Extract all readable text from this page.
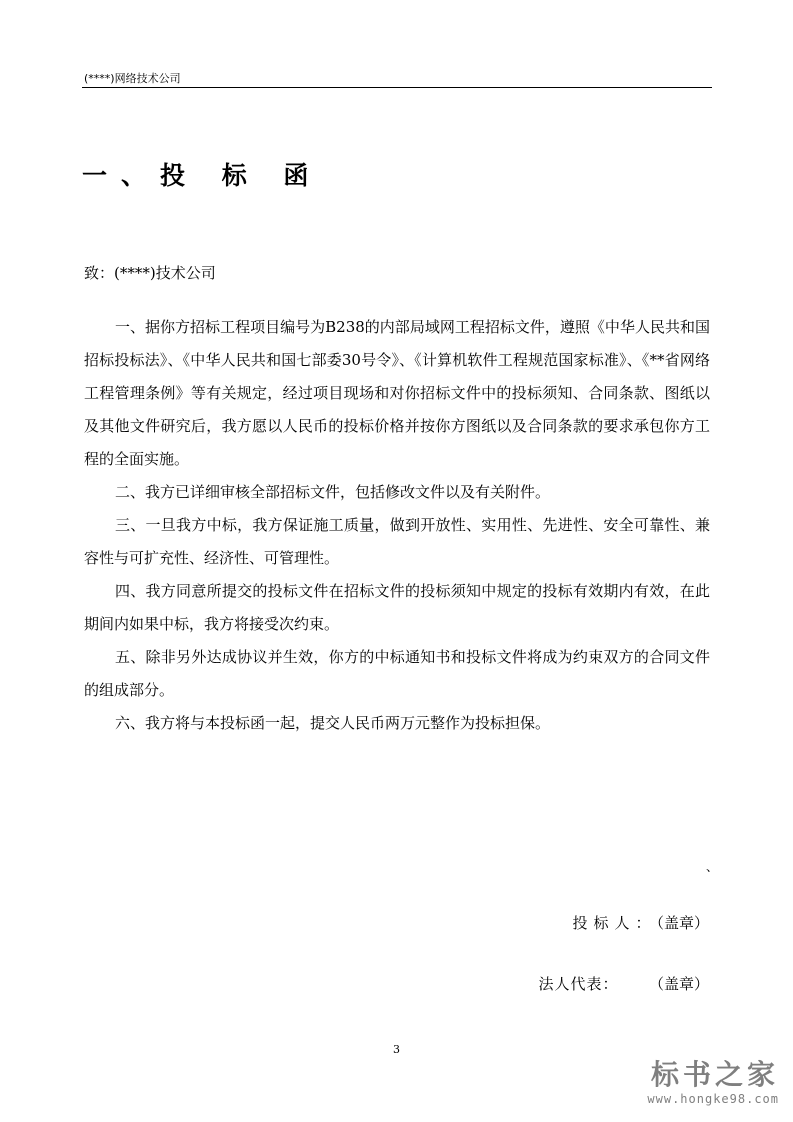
(****)网络技术公司
一、投 标 函
致：(****)技术公司

一、据你方招标工程项目编号为B238的内部局域网工程招标文件，遵照《中华人民共和国招标投标法》、《中华人民共和国七部委30号令》、《计算机软件工程规范国家标准》、《**省网络工程管理条例》等有关规定，经过项目现场和对你招标文件中的投标须知、合同条款、图纸以及其他文件研究后，我方愿以人民币的投标价格并按你方图纸以及合同条款的要求承包你方工程的全面实施。

二、我方已详细审核全部招标文件，包括修改文件以及有关附件。

三、一旦我方中标，我方保证施工质量，做到开放性、实用性、先进性、安全可靠性、兼容性与可扩充性、经济性、可管理性。

四、我方同意所提交的投标文件在招标文件的投标须知中规定的投标有效期内有效，在此期间内如果中标，我方将接受次约束。

五、除非另外达成协议并生效，你方的中标通知书和投标文件将成为约束双方的合同文件的组成部分。

六、我方将与本投标函一起，提交人民币两万元整作为投标担保。

、
投标人：（盖章）
法人代表：	（盖章）
3
标书之家
www.hongke98.com
